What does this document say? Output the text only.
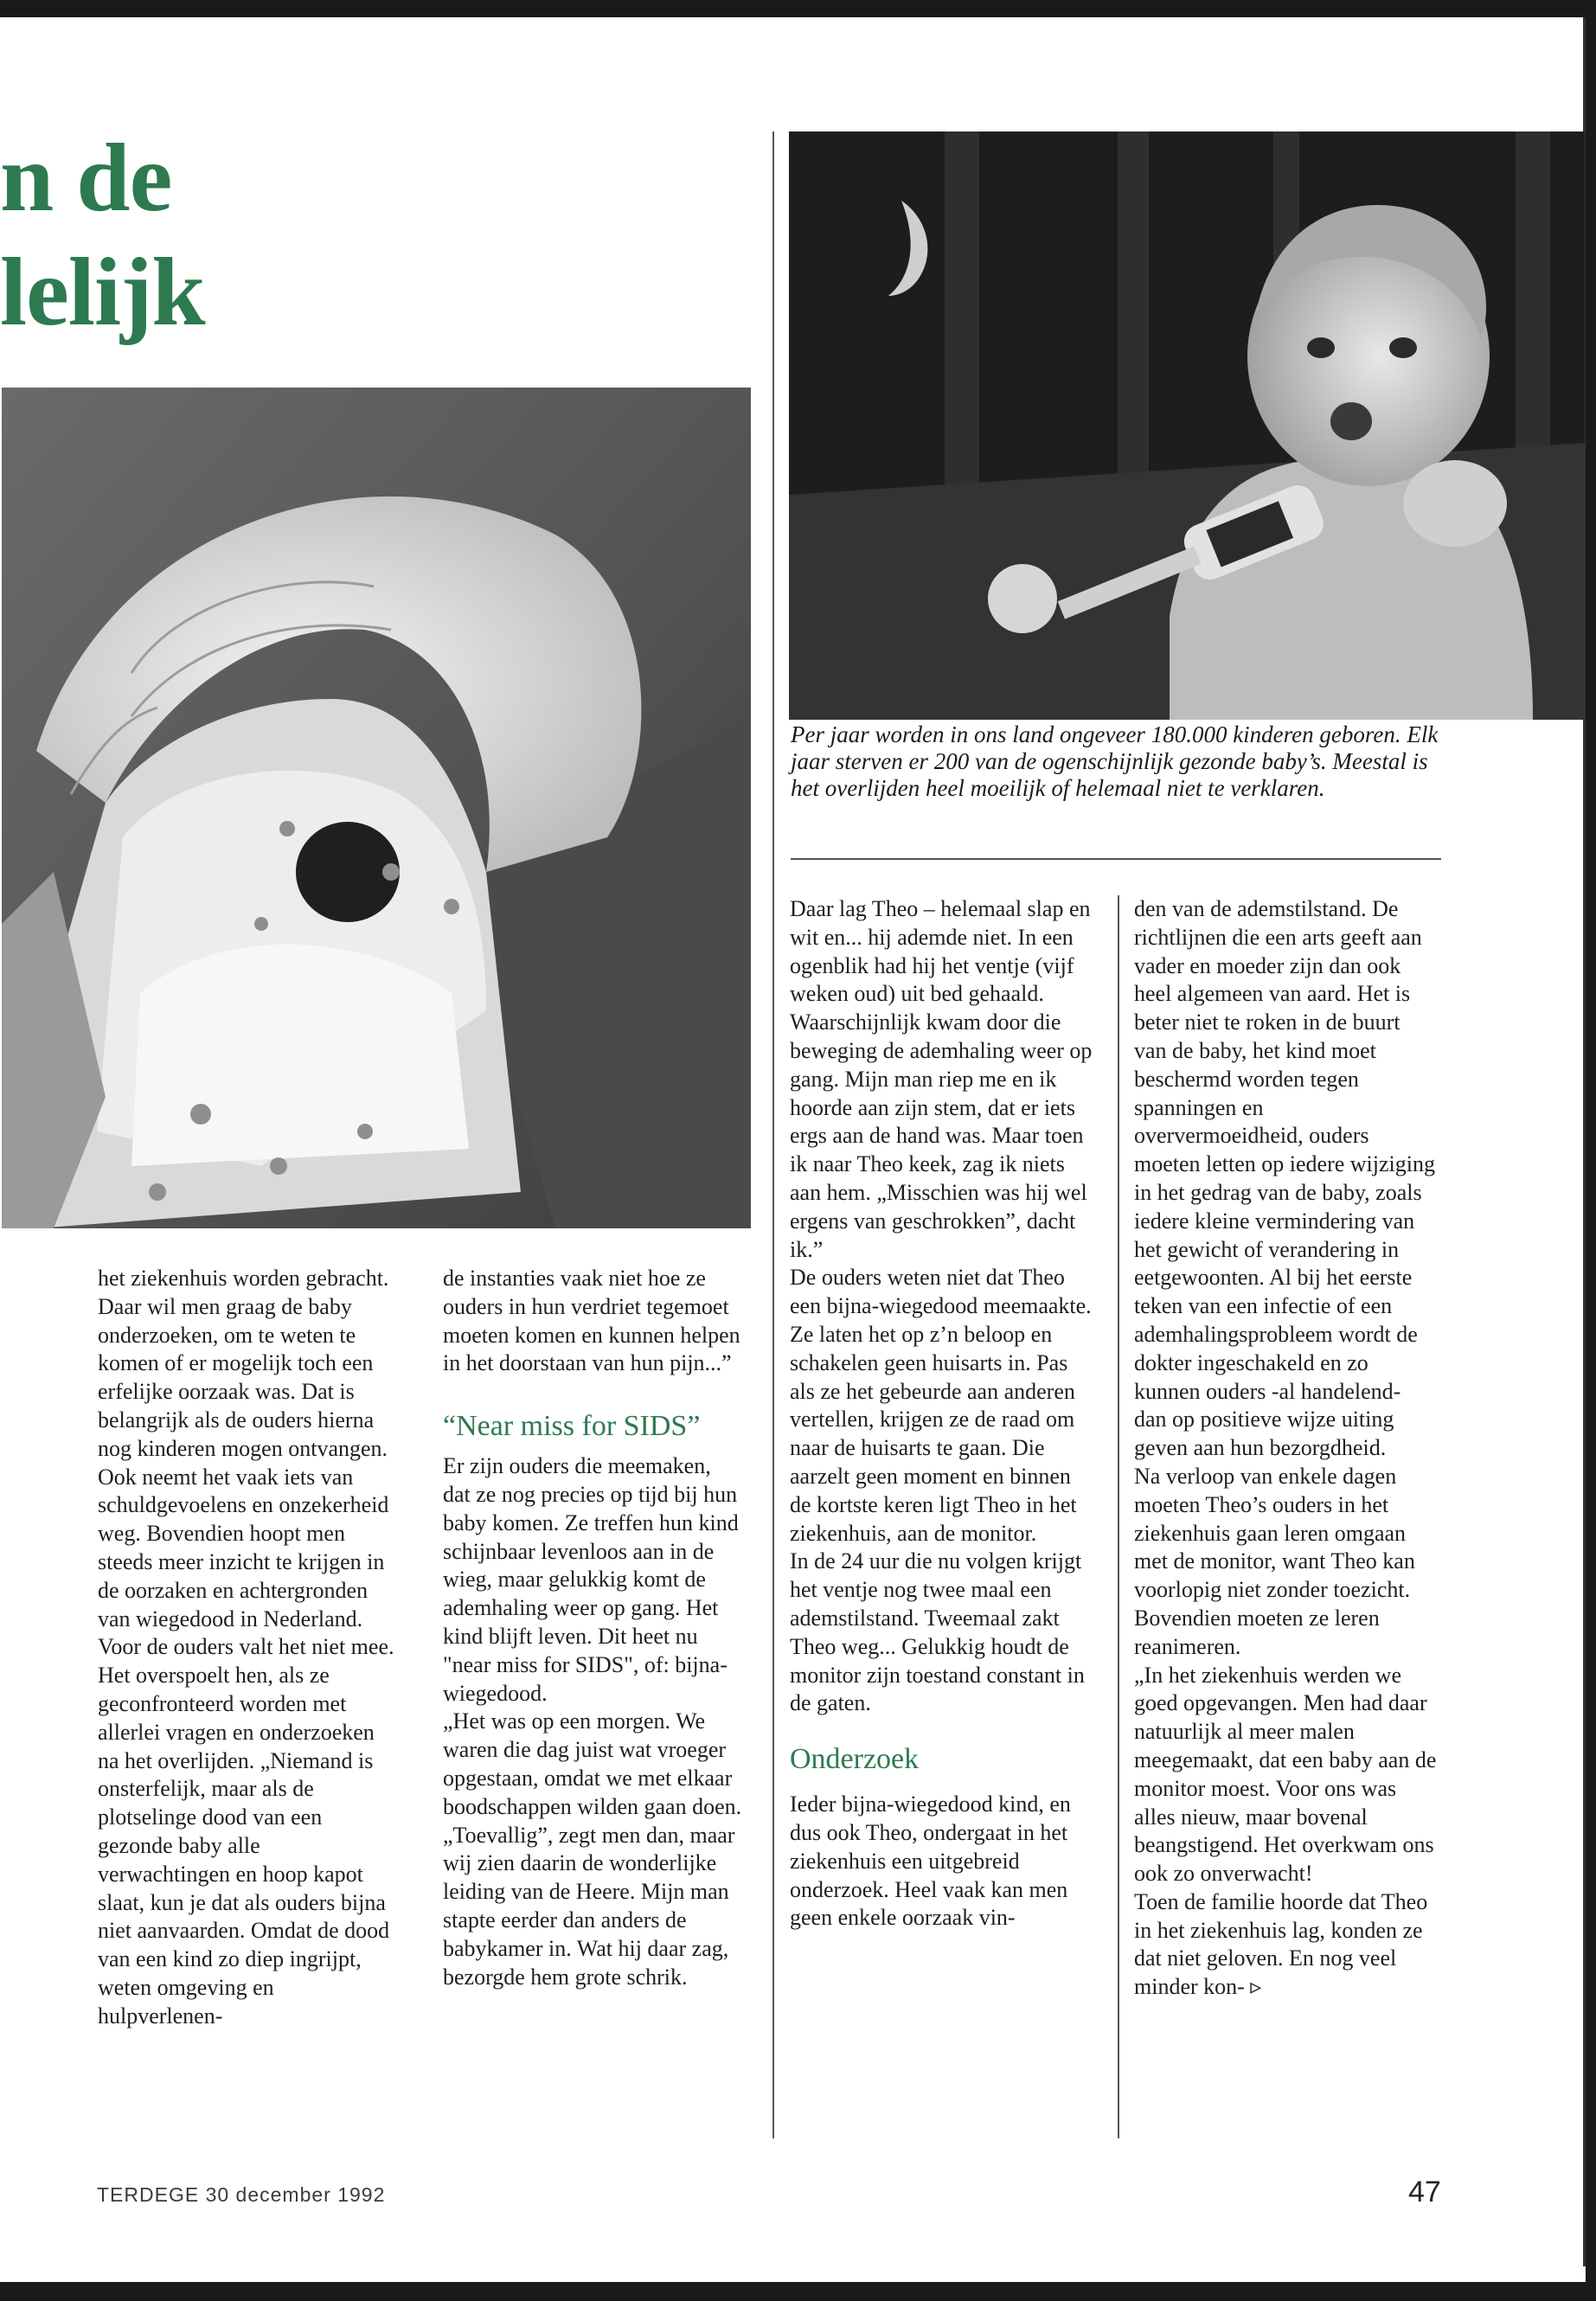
n de
lelijk
Per jaar worden in ons land ongeveer 180.000 kinderen geboren. Elk jaar sterven er 200 van de ogenschijnlijk gezonde baby’s. Meestal is het overlijden heel moeilijk of helemaal niet te verklaren.

het ziekenhuis worden gebracht. Daar wil men graag de baby onderzoeken, om te weten te komen of er mogelijk toch een erfelijke oorzaak was. Dat is belangrijk als de ouders hierna nog kinderen mogen ontvangen. Ook neemt het vaak iets van schuldgevoelens en onzekerheid weg. Bovendien hoopt men steeds meer inzicht te krijgen in de oorzaken en achtergronden van wiegedood in Nederland.

Voor de ouders valt het niet mee. Het overspoelt hen, als ze geconfronteerd worden met allerlei vragen en onderzoeken na het overlijden. „Niemand is onsterfelijk, maar als de plotselinge dood van een gezonde baby alle verwachtingen en hoop kapot slaat, kun je dat als ouders bijna niet aanvaarden. Omdat de dood van een kind zo diep ingrijpt, weten omgeving en hulpverlenen-

de instanties vaak niet hoe ze ouders in hun verdriet tegemoet moeten komen en kunnen helpen in het doorstaan van hun pijn...”

“Near miss for SIDS”

Er zijn ouders die meemaken, dat ze nog precies op tijd bij hun baby komen. Ze treffen hun kind schijnbaar levenloos aan in de wieg, maar gelukkig komt de ademhaling weer op gang. Het kind blijft leven. Dit heet nu "near miss for SIDS", of: bijna-wiegedood.

„Het was op een morgen. We waren die dag juist wat vroeger opgestaan, omdat we met elkaar boodschappen wilden gaan doen. „Toevallig”, zegt men dan, maar wij zien daarin de wonderlijke leiding van de Heere. Mijn man stapte eerder dan anders de babykamer in. Wat hij daar zag, bezorgde hem grote schrik.

Daar lag Theo – helemaal slap en wit en... hij ademde niet. In een ogenblik had hij het ventje (vijf weken oud) uit bed gehaald. Waarschijnlijk kwam door die beweging de ademhaling weer op gang. Mijn man riep me en ik hoorde aan zijn stem, dat er iets ergs aan de hand was. Maar toen ik naar Theo keek, zag ik niets aan hem. „Misschien was hij wel ergens van geschrokken”, dacht ik.”

De ouders weten niet dat Theo een bijna-wiegedood meemaakte. Ze laten het op z’n beloop en schakelen geen huisarts in. Pas als ze het gebeurde aan anderen vertellen, krijgen ze de raad om naar de huisarts te gaan. Die aarzelt geen moment en binnen de kortste keren ligt Theo in het ziekenhuis, aan de monitor.

In de 24 uur die nu volgen krijgt het ventje nog twee maal een ademstilstand. Tweemaal zakt Theo weg... Gelukkig houdt de monitor zijn toestand constant in de gaten.

Onderzoek

Ieder bijna-wiegedood kind, en dus ook Theo, ondergaat in het ziekenhuis een uitgebreid onderzoek. Heel vaak kan men geen enkele oorzaak vin-

den van de ademstilstand. De richtlijnen die een arts geeft aan vader en moeder zijn dan ook heel algemeen van aard. Het is beter niet te roken in de buurt van de baby, het kind moet beschermd worden tegen spanningen en oververmoeidheid, ouders moeten letten op iedere wijziging in het gedrag van de baby, zoals iedere kleine vermindering van het gewicht of verandering in eetgewoonten. Al bij het eerste teken van een infectie of een ademhalingsprobleem wordt de dokter ingeschakeld en zo kunnen ouders -al handelend- dan op positieve wijze uiting geven aan hun bezorgdheid.

Na verloop van enkele dagen moeten Theo’s ouders in het ziekenhuis gaan leren omgaan met de monitor, want Theo kan voorlopig niet zonder toezicht. Bovendien moeten ze leren reanimeren.

„In het ziekenhuis werden we goed opgevangen. Men had daar natuurlijk al meer malen meegemaakt, dat een baby aan de monitor moest. Voor ons was alles nieuw, maar bovenal beangstigend. Het overkwam ons ook zo onverwacht!

Toen de familie hoorde dat Theo in het ziekenhuis lag, konden ze dat niet geloven. En nog veel minder kon- ▹

TERDEGE 30 december 1992	47
